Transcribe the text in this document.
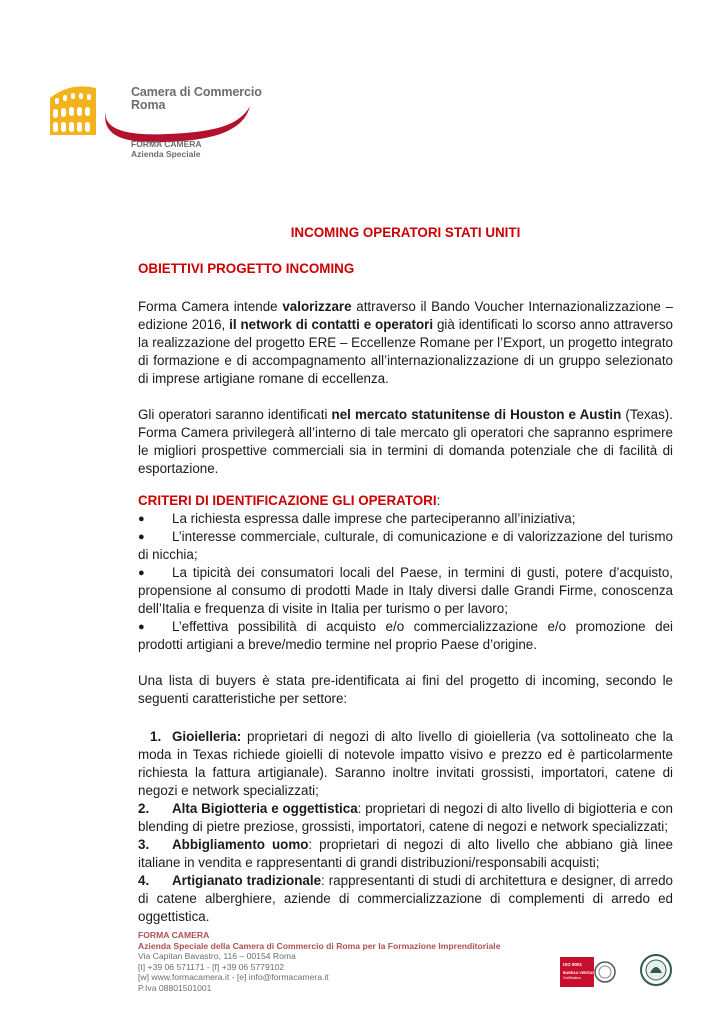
Camera di Commercio
Roma
FORMA CAMERA
Azienda Speciale
INCOMING OPERATORI STATI UNITI
OBIETTIVI PROGETTO INCOMING

Forma Camera intende valorizzare attraverso il Bando Voucher Internazionalizzazione – edizione 2016, il network di contatti e operatori già identificati lo scorso anno attraverso la realizzazione del progetto ERE – Eccellenze Romane per l’Export, un progetto integrato di formazione e di accompagnamento all’internazionalizzazione di un gruppo selezionato di imprese artigiane romane di eccellenza.

Gli operatori saranno identificati nel mercato statunitense di Houston e Austin (Texas). Forma Camera privilegerà all’interno di tale mercato gli operatori che sapranno esprimere le migliori prospettive commerciali sia in termini di domanda potenziale che di facilità di esportazione.

CRITERI DI IDENTIFICAZIONE GLI OPERATORI:
● La richiesta espressa dalle imprese che parteciperanno all’iniziativa;
● L’interesse commerciale, culturale, di comunicazione e di valorizzazione del turismo di nicchia;
● La tipicità dei consumatori locali del Paese, in termini di gusti, potere d’acquisto, propensione al consumo di prodotti Made in Italy diversi dalle Grandi Firme, conoscenza dell’Italia e frequenza di visite in Italia per turismo o per lavoro;
● L’effettiva possibilità di acquisto e/o commercializzazione e/o promozione dei prodotti artigiani a breve/medio termine nel proprio Paese d’origine.

Una lista di buyers è stata pre-identificata ai fini del progetto di incoming, secondo le seguenti caratteristiche per settore:

1. Gioielleria: proprietari di negozi di alto livello di gioielleria (va sottolineato che la moda in Texas richiede gioielli di notevole impatto visivo e prezzo ed è particolarmente richiesta la fattura artigianale). Saranno inoltre invitati grossisti, importatori, catene di negozi e network specializzati;
2. Alta Bigiotteria e oggettistica: proprietari di negozi di alto livello di bigiotteria e con blending di pietre preziose, grossisti, importatori, catene di negozi e network specializzati;
3. Abbigliamento uomo: proprietari di negozi di alto livello che abbiano già linee italiane in vendita e rappresentanti di grandi distribuzioni/responsabili acquisti;
4. Artigianato tradizionale: rappresentanti di studi di architettura e designer, di arredo di catene alberghiere, aziende di commercializzazione di complementi di arredo ed oggettistica.
FORMA CAMERA
Azienda Speciale della Camera di Commercio di Roma per la Formazione Imprenditoriale
Via Capitan Bavastro, 116 – 00154 Roma
[t] +39 06 571171 - [f] +39 06 5779102
[w] www.formacamera.it - [e] info@formacamera.it
P.Iva 08801501001
ISO 9001
BUREAU VERITAS
Certification
